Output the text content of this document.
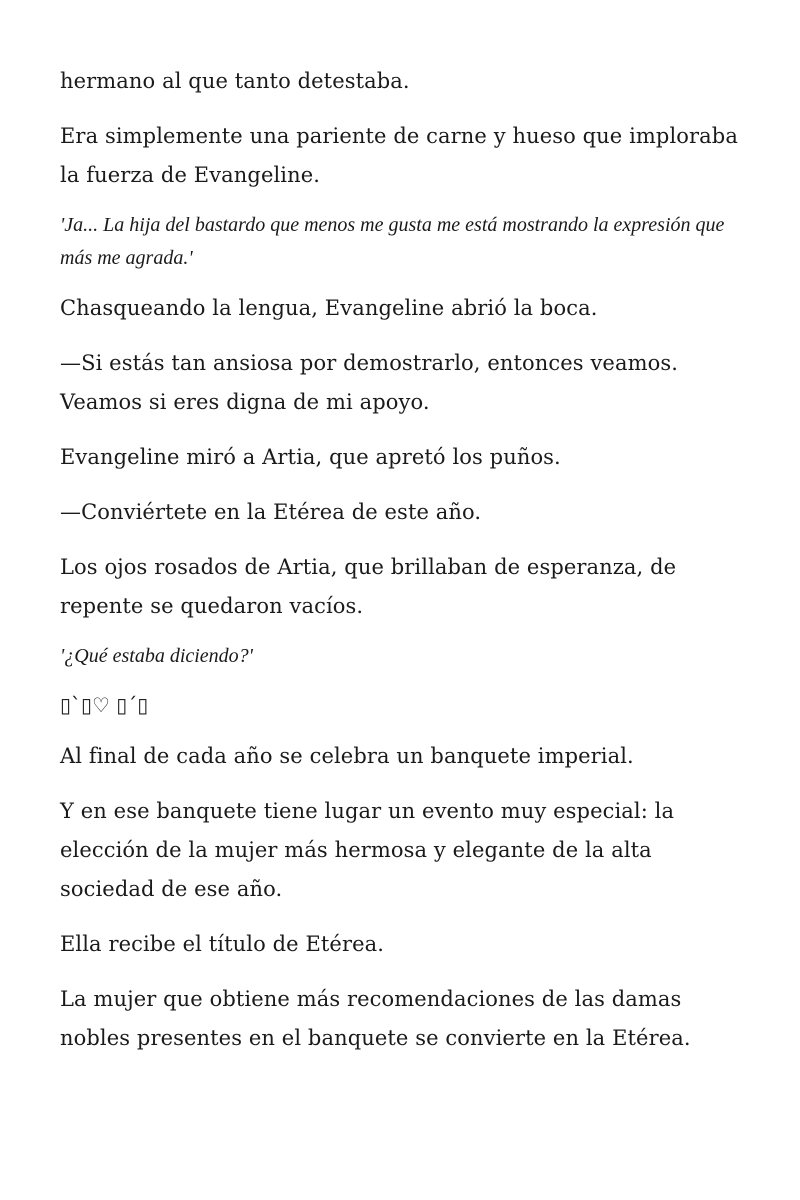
hermano al que tanto detestaba.

Era simplemente una pariente de carne y hueso que imploraba la fuerza de Evangeline.

'Ja... La hija del bastardo que menos me gusta me está mostrando la expresión que más me agrada.'

Chasqueando la lengua, Evangeline abrió la boca.

—Si estás tan ansiosa por demostrarlo, entonces veamos. Veamos si eres digna de mi apoyo.

Evangeline miró a Artia, que apretó los puños.

—Conviértete en la Etérea de este año.

Los ojos rosados de Artia, que brillaban de esperanza, de repente se quedaron vacíos.

'¿Qué estaba diciendo?'

▯`▯♡ ▯´▯

Al final de cada año se celebra un banquete imperial.

Y en ese banquete tiene lugar un evento muy especial: la elección de la mujer más hermosa y elegante de la alta sociedad de ese año.

Ella recibe el título de Etérea.

La mujer que obtiene más recomendaciones de las damas nobles presentes en el banquete se convierte en la Etérea.
